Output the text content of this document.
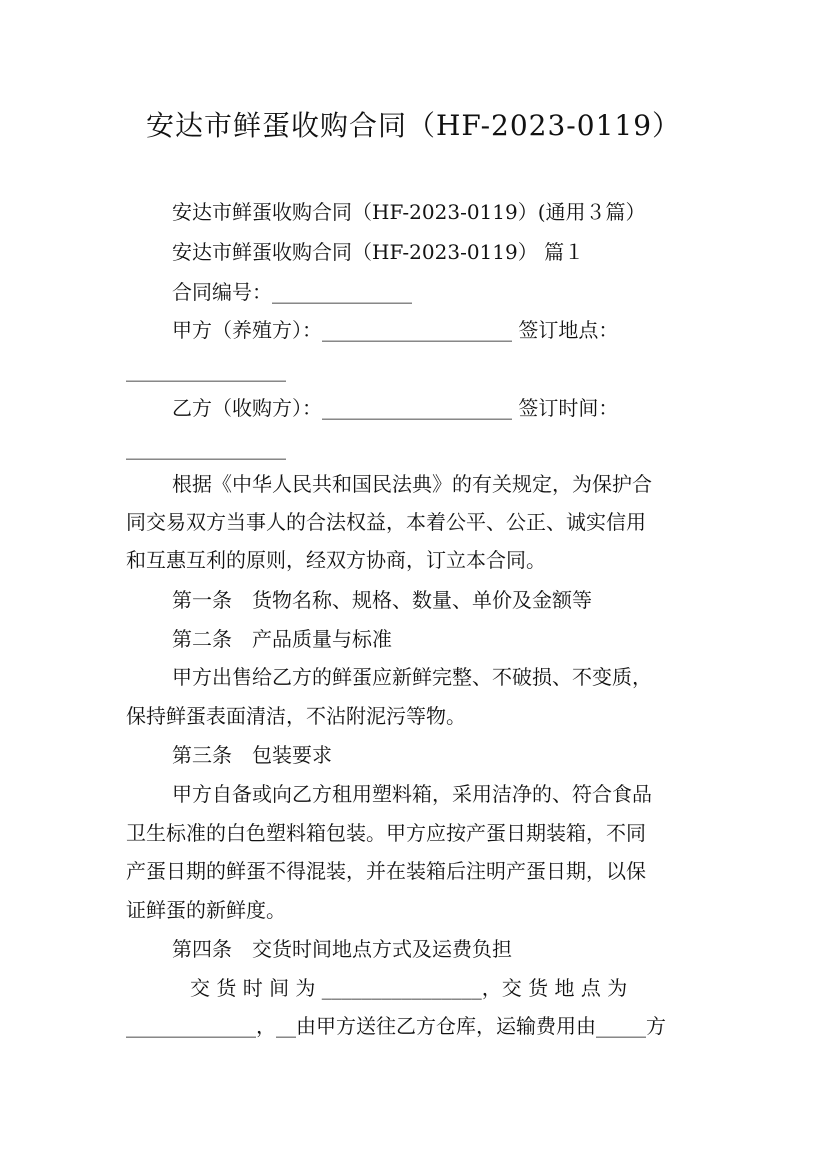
安达市鲜蛋收购合同（HF-2023-0119）
安达市鲜蛋收购合同（HF-2023-0119）(通用３篇）
安达市鲜蛋收购合同（HF-2023-0119） 篇１
合同编号：______________
甲方（养殖方）：___________________ 签订地点：
________________
乙方（收购方）：___________________ 签订时间：
________________
根据《中华人民共和国民法典》的有关规定，为保护合
同交易双方当事人的合法权益，本着公平、公正、诚实信用
和互惠互利的原则，经双方协商，订立本合同。
第一条　货物名称、规格、数量、单价及金额等
第二条　产品质量与标准
甲方出售给乙方的鲜蛋应新鲜完整、不破损、不变质，
保持鲜蛋表面清洁，不沾附泥污等物。
第三条　包装要求
甲方自备或向乙方租用塑料箱，采用洁净的、符合食品
卫生标准的白色塑料箱包装。甲方应按产蛋日期装箱，不同
产蛋日期的鲜蛋不得混装，并在装箱后注明产蛋日期，以保
证鲜蛋的新鲜度。
第四条　交货时间地点方式及运费负担
交 货 时 间 为 ________________，交 货 地 点 为
_____________，__由甲方送往乙方仓库，运输费用由_____方
